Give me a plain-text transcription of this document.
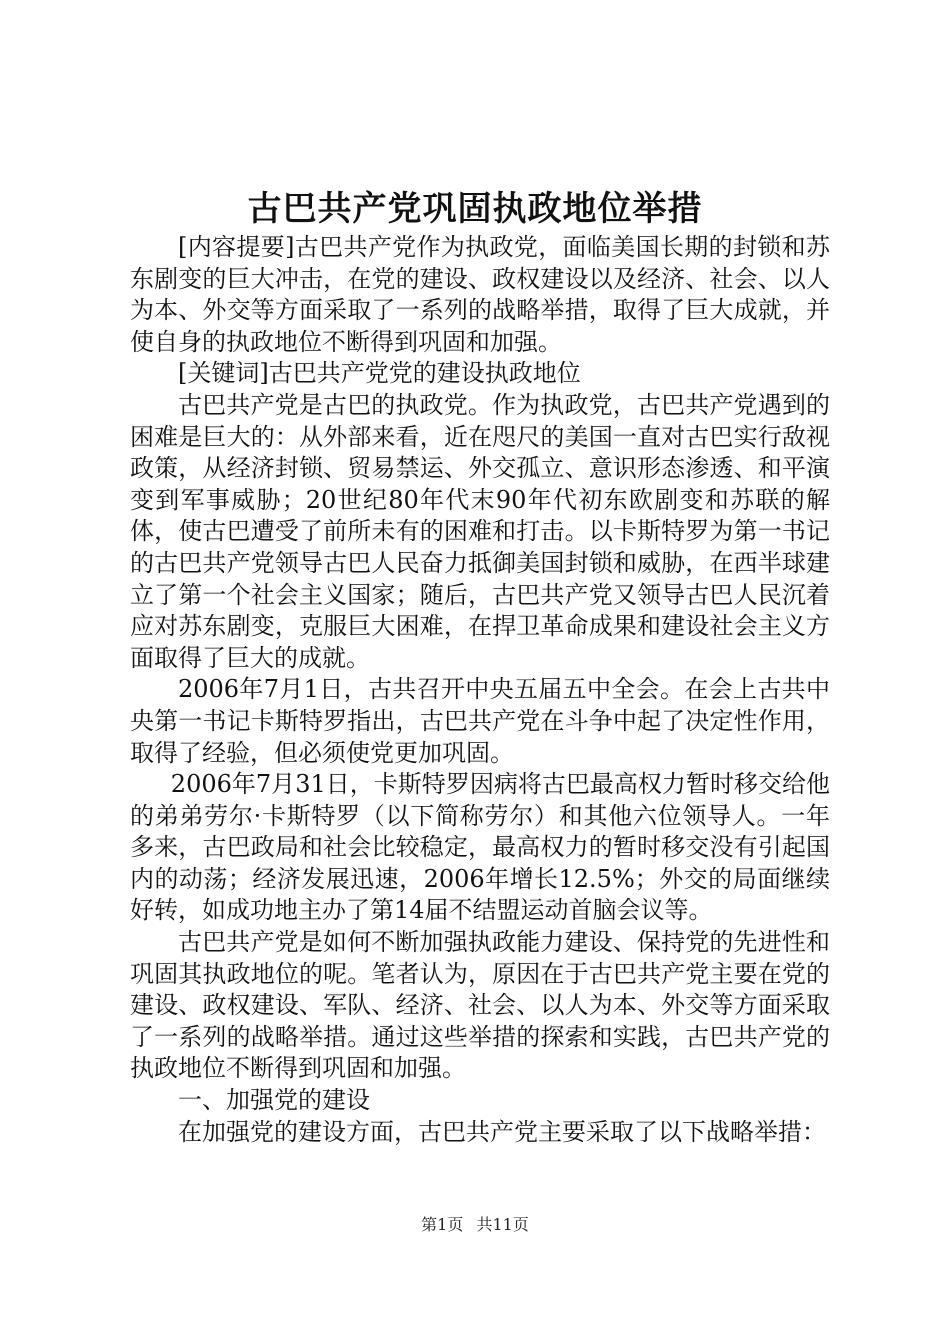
古巴共产党巩固执政地位举措

[内容提要]古巴共产党作为执政党，面临美国长期的封锁和苏东剧变的巨大冲击，在党的建设、政权建设以及经济、社会、以人为本、外交等方面采取了一系列的战略举措，取得了巨大成就，并使自身的执政地位不断得到巩固和加强。

[关键词]古巴共产党党的建设执政地位

古巴共产党是古巴的执政党。作为执政党，古巴共产党遇到的困难是巨大的：从外部来看，近在咫尺的美国一直对古巴实行敌视政策，从经济封锁、贸易禁运、外交孤立、意识形态渗透、和平演变到军事威胁；20世纪80年代末90年代初东欧剧变和苏联的解体，使古巴遭受了前所未有的困难和打击。以卡斯特罗为第一书记的古巴共产党领导古巴人民奋力抵御美国封锁和威胁，在西半球建立了第一个社会主义国家；随后，古巴共产党又领导古巴人民沉着应对苏东剧变，克服巨大困难，在捍卫革命成果和建设社会主义方面取得了巨大的成就。

2006年7月1日，古共召开中央五届五中全会。在会上古共中央第一书记卡斯特罗指出，古巴共产党在斗争中起了决定性作用，取得了经验，但必须使党更加巩固。

2006年7月31日，卡斯特罗因病将古巴最高权力暂时移交给他的弟弟劳尔·卡斯特罗（以下简称劳尔）和其他六位领导人。一年多来，古巴政局和社会比较稳定，最高权力的暂时移交没有引起国内的动荡；经济发展迅速，2006年增长12.5%；外交的局面继续好转，如成功地主办了第14届不结盟运动首脑会议等。

古巴共产党是如何不断加强执政能力建设、保持党的先进性和巩固其执政地位的呢。笔者认为，原因在于古巴共产党主要在党的建设、政权建设、军队、经济、社会、以人为本、外交等方面采取了一系列的战略举措。通过这些举措的探索和实践，古巴共产党的执政地位不断得到巩固和加强。

一、加强党的建设

在加强党的建设方面，古巴共产党主要采取了以下战略举措：

第1页 共11页
